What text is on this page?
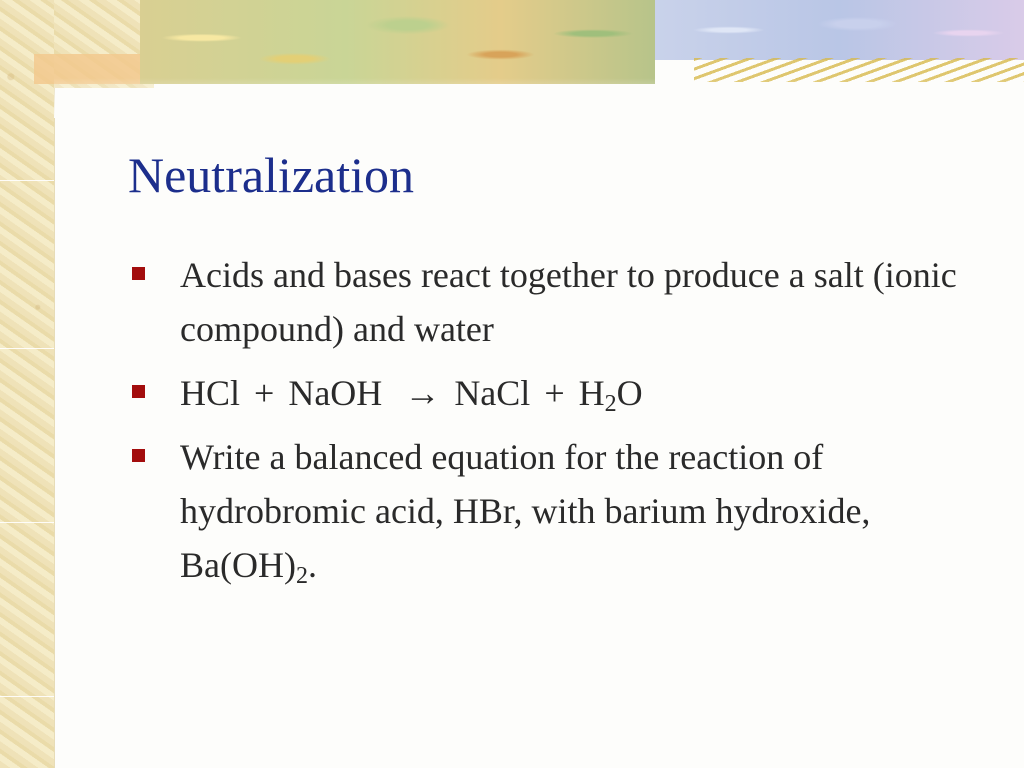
Neutralization
Acids and bases react together to produce a salt (ionic compound) and water
HCl + NaOH → NaCl + $H_2O$
Write a balanced equation for the reaction of hydrobromic acid, HBr, with barium hydroxide, $Ba(OH)_2$.
